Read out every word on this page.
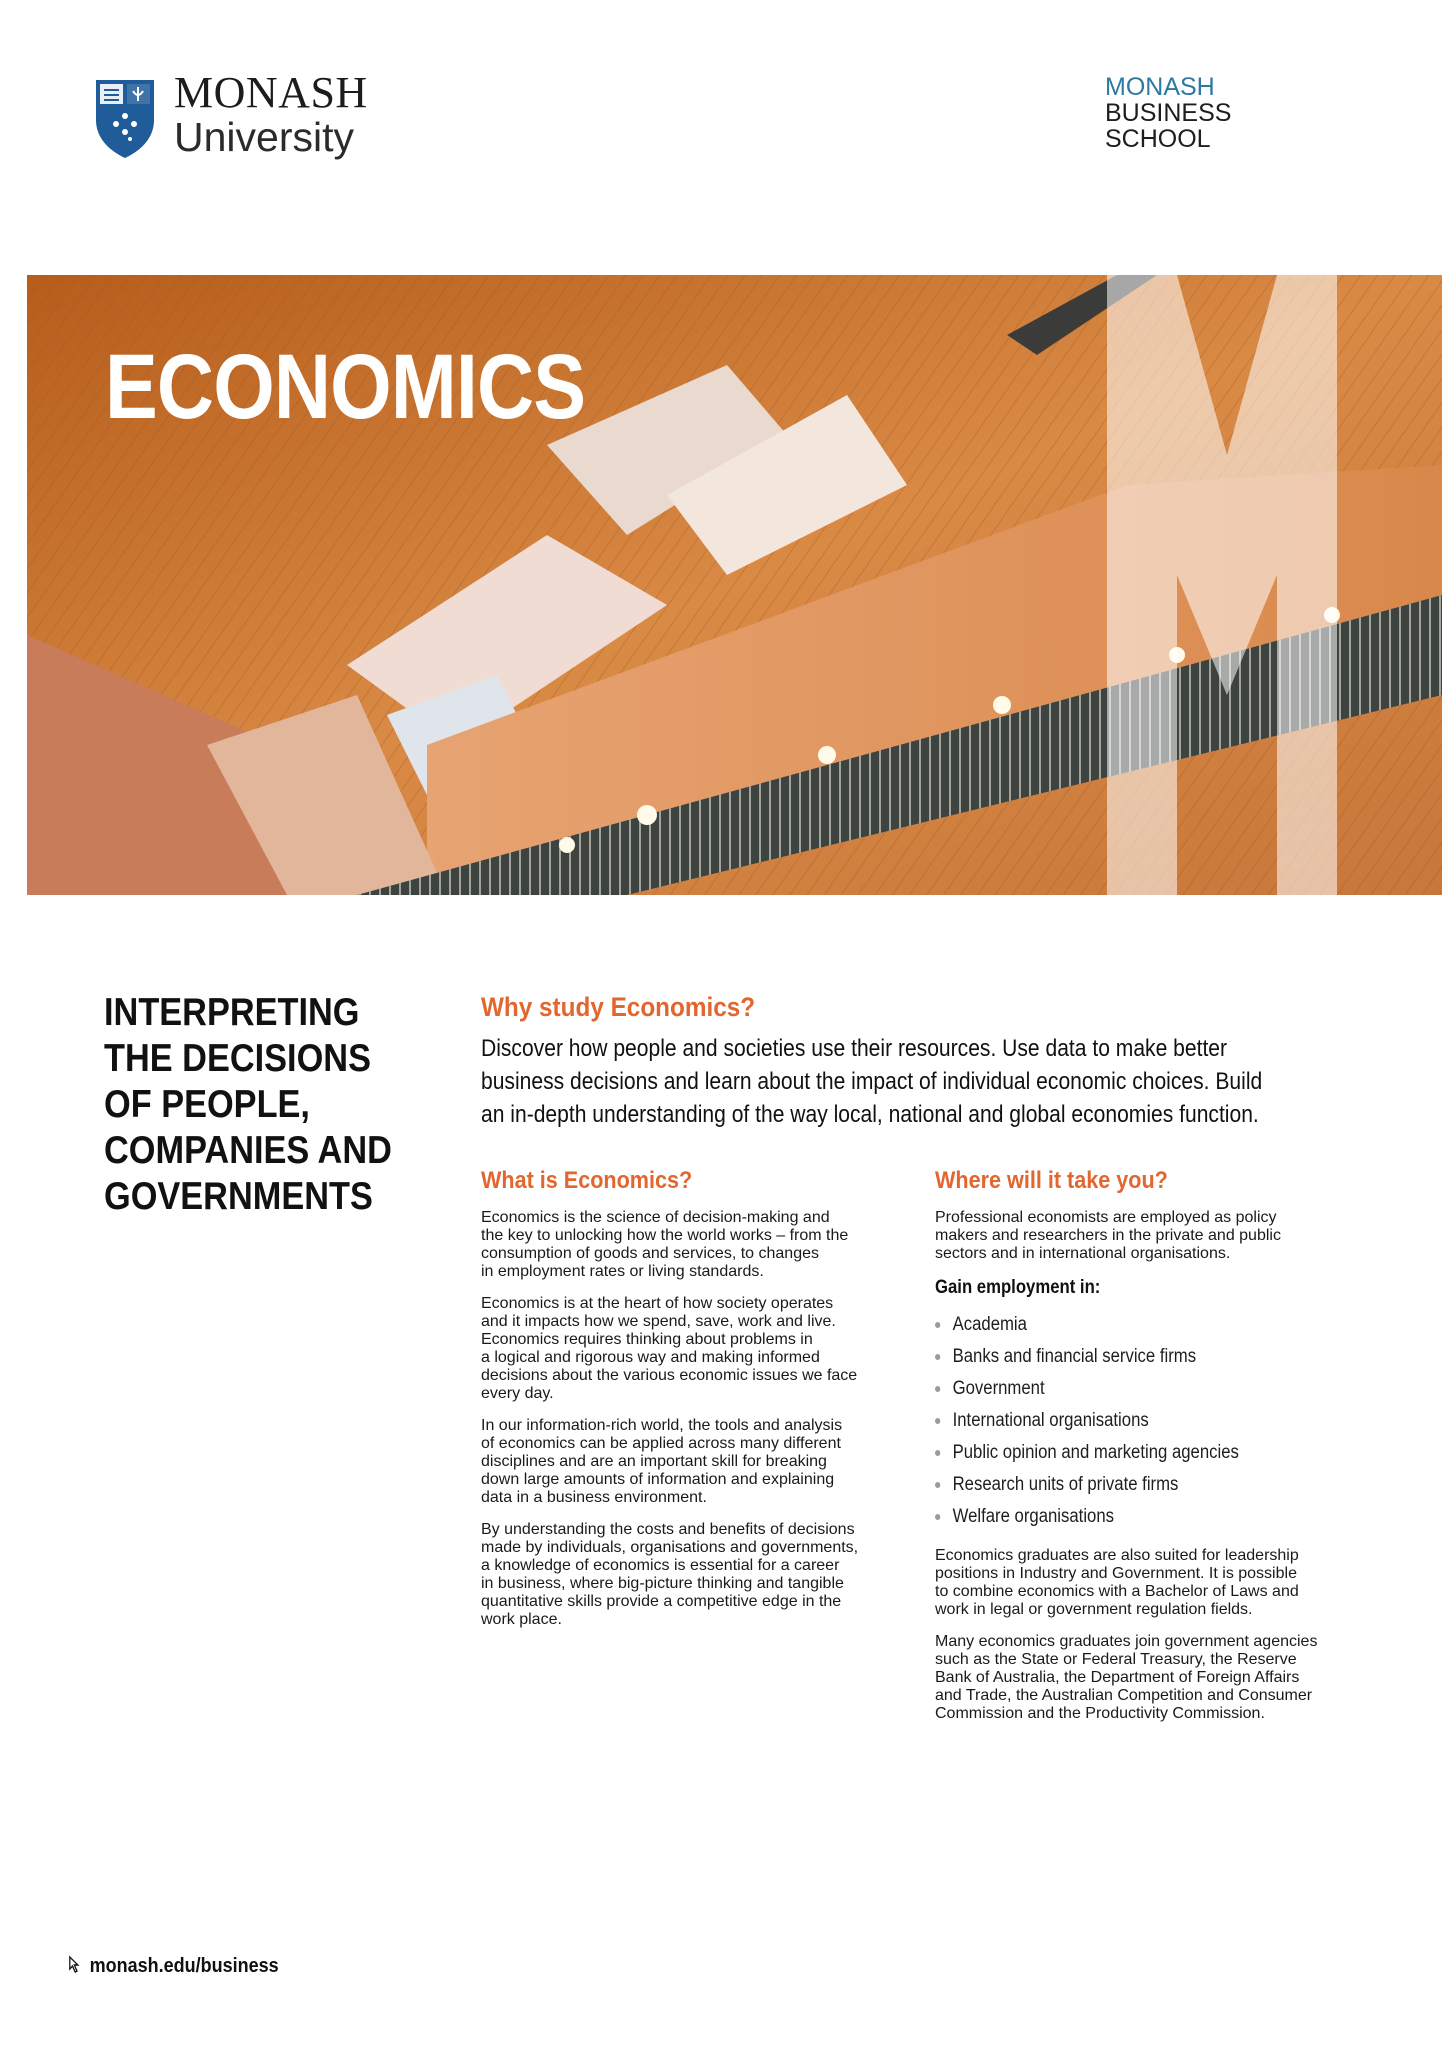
MONASH
University
MONASH
BUSINESS
SCHOOL
ECONOMICS
INTERPRETING
THE DECISIONS
OF PEOPLE,
COMPANIES AND
GOVERNMENTS
Why study Economics?
Discover how people and societies use their resources. Use data to make better
business decisions and learn about the impact of individual economic choices. Build
an in-depth understanding of the way local, national and global economies function.
What is Economics?

Economics is the science of decision-making and
the key to unlocking how the world works – from the
consumption of goods and services, to changes
in employment rates or living standards.

Economics is at the heart of how society operates
and it impacts how we spend, save, work and live.
Economics requires thinking about problems in
a logical and rigorous way and making informed
decisions about the various economic issues we face
every day.

In our information-rich world, the tools and analysis
of economics can be applied across many different
disciplines and are an important skill for breaking
down large amounts of information and explaining
data in a business environment.

By understanding the costs and benefits of decisions
made by individuals, organisations and governments,
a knowledge of economics is essential for a career
in business, where big-picture thinking and tangible
quantitative skills provide a competitive edge in the
work place.

Where will it take you?

Professional economists are employed as policy
makers and researchers in the private and public
sectors and in international organisations.

Gain employment in:
Academia
Banks and financial service firms
Government
International organisations
Public opinion and marketing agencies
Research units of private firms
Welfare organisations

Economics graduates are also suited for leadership
positions in Industry and Government. It is possible
to combine economics with a Bachelor of Laws and
work in legal or government regulation fields.

Many economics graduates join government agencies
such as the State or Federal Treasury, the Reserve
Bank of Australia, the Department of Foreign Affairs
and Trade, the Australian Competition and Consumer
Commission and the Productivity Commission.

monash.edu/business
